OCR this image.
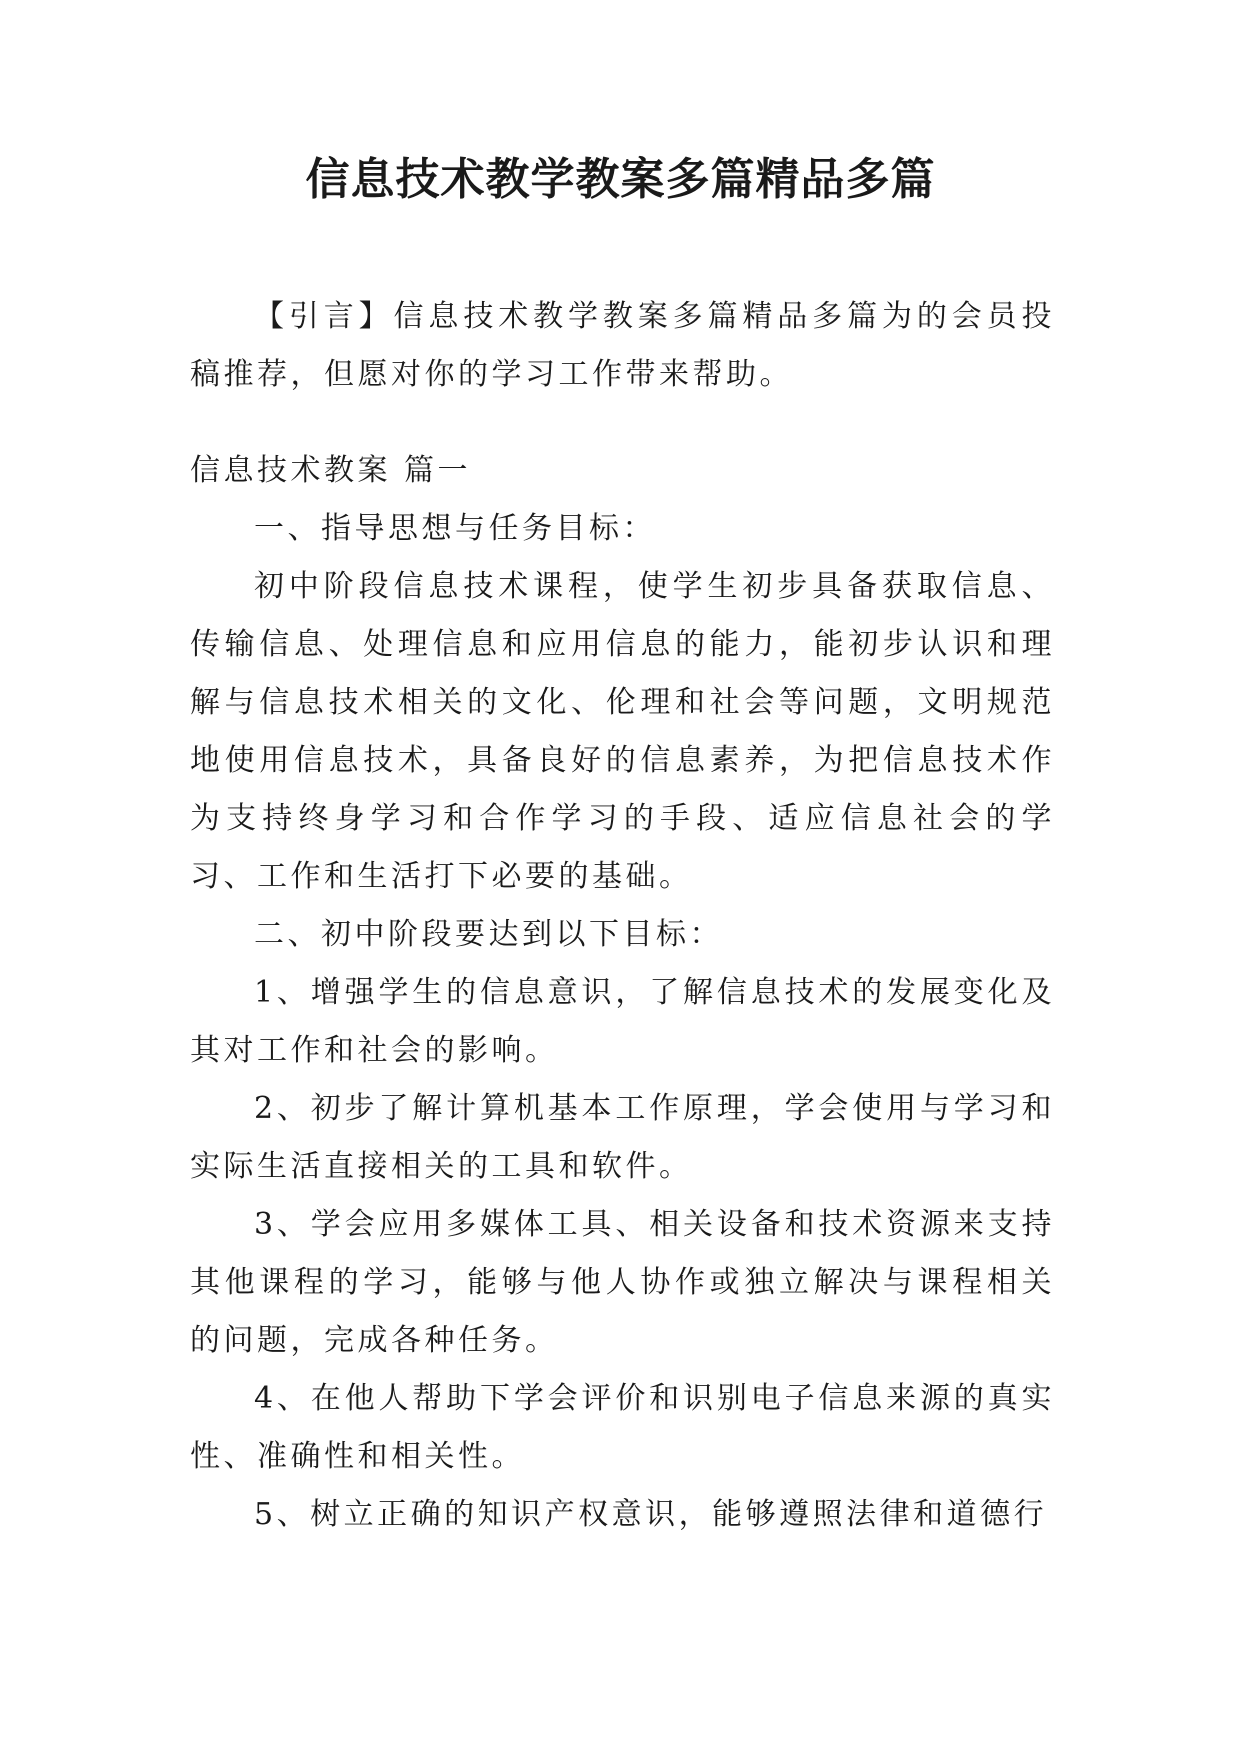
信息技术教学教案多篇精品多篇

【引言】信息技术教学教案多篇精品多篇为的会员投稿推荐，但愿对你的学习工作带来帮助。

信息技术教案 篇一

一、指导思想与任务目标：

初中阶段信息技术课程，使学生初步具备获取信息、传输信息、处理信息和应用信息的能力，能初步认识和理解与信息技术相关的文化、伦理和社会等问题，文明规范地使用信息技术，具备良好的信息素养，为把信息技术作为支持终身学习和合作学习的手段、适应信息社会的学习、工作和生活打下必要的基础。

二、初中阶段要达到以下目标：

1、增强学生的信息意识，了解信息技术的发展变化及其对工作和社会的影响。

2、初步了解计算机基本工作原理，学会使用与学习和实际生活直接相关的工具和软件。

3、学会应用多媒体工具、相关设备和技术资源来支持其他课程的学习，能够与他人协作或独立解决与课程相关的问题，完成各种任务。

4、在他人帮助下学会评价和识别电子信息来源的真实性、准确性和相关性。

5、树立正确的知识产权意识，能够遵照法律和道德行
